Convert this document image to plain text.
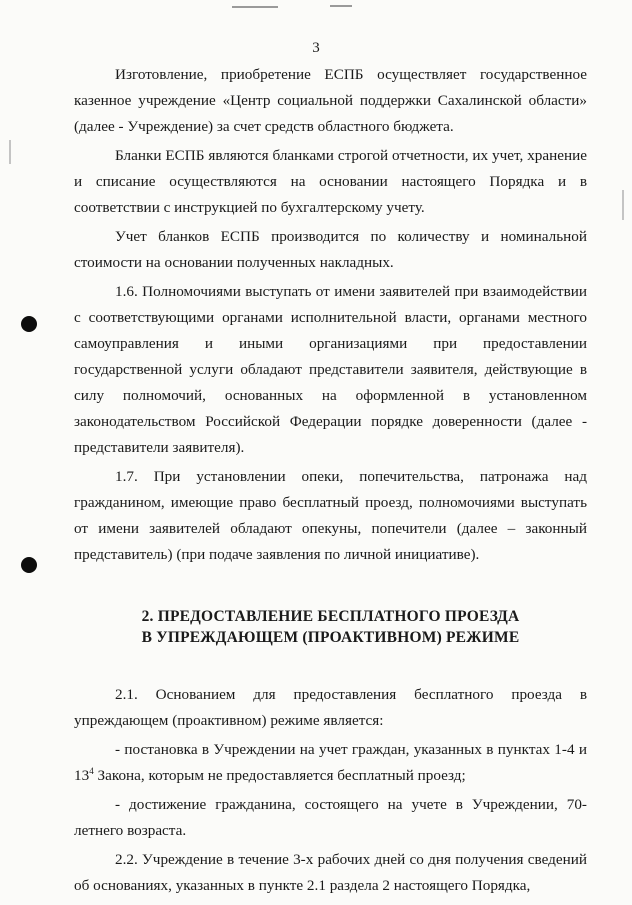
3

Изготовление, приобретение ЕСПБ осуществляет государственное казенное учреждение «Центр социальной поддержки Сахалинской области» (далее - Учреждение) за счет средств областного бюджета.

Бланки ЕСПБ являются бланками строгой отчетности, их учет, хранение и списание осуществляются на основании настоящего Порядка и в соответствии с инструкцией по бухгалтерскому учету.

Учет бланков ЕСПБ производится по количеству и номинальной стоимости на основании полученных накладных.

1.6. Полномочиями выступать от имени заявителей при взаимодействии с соответствующими органами исполнительной власти, органами местного самоуправления и иными организациями при предоставлении государственной услуги обладают представители заявителя, действующие в силу полномочий, основанных на оформленной в установленном законодательством Российской Федерации порядке доверенности (далее - представители заявителя).

1.7. При установлении опеки, попечительства, патронажа над гражданином, имеющие право бесплатный проезд, полномочиями выступать от имени заявителей обладают опекуны, попечители (далее – законный представитель) (при подаче заявления по личной инициативе).

2. ПРЕДОСТАВЛЕНИЕ БЕСПЛАТНОГО ПРОЕЗДА
В УПРЕЖДАЮЩЕМ (ПРОАКТИВНОМ) РЕЖИМЕ

2.1. Основанием для предоставления бесплатного проезда в упреждающем (проактивном) режиме является:

- постановка в Учреждении на учет граждан, указанных в пунктах 1-4 и $13^4$ Закона, которым не предоставляется бесплатный проезд;

- достижение гражданина, состоящего на учете в Учреждении, 70-летнего возраста.

2.2. Учреждение в течение 3-х рабочих дней со дня получения сведений об основаниях, указанных в пункте 2.1 раздела 2 настоящего Порядка,
